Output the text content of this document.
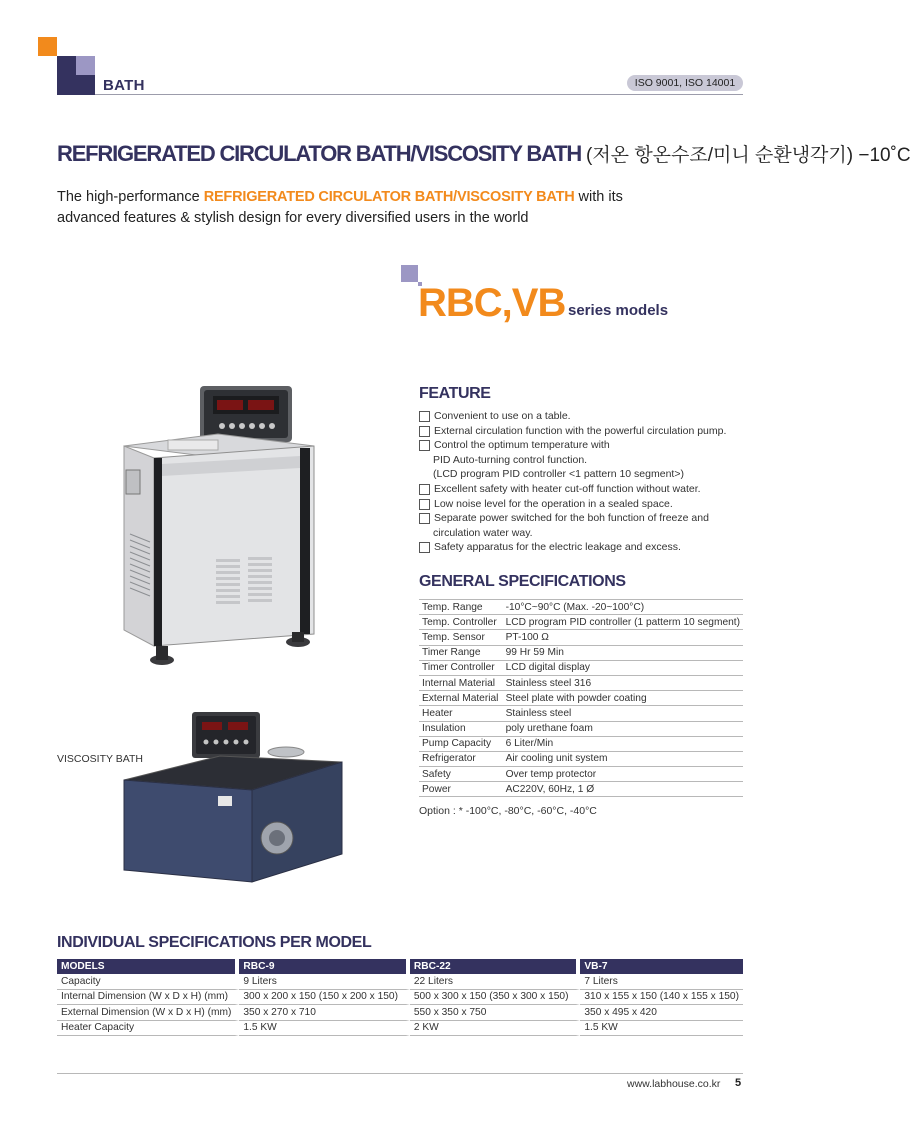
BATH	ISO 9001, ISO 14001
REFRIGERATED CIRCULATOR BATH/VISCOSITY BATH (저온 항온수조/미니 순환냉각기) −10˚C
The high-performance REFRIGERATED CIRCULATOR BATH/VISCOSITY BATH with its
advanced features & stylish design for every diversified users in the world
RBC,VB series models
VISCOSITY BATH
FEATURE
Convenient to use on a table.
External circulation function with the powerful circulation pump.
Control the optimum temperature with
PID Auto-turning control function.
(LCD program PID controller <1 pattern 10 segment>)
Excellent safety with heater cut-off function without water.
Low noise level for the operation in a sealed space.
Separate power switched for the boh function of freeze and
circulation water way.
Safety apparatus for the electric leakage and excess.
GENERAL SPECIFICATIONS
Temp. Range	-10°C~90°C (Max. -20~100°C)
Temp. Controller	LCD program PID controller (1 patterm 10 segment)
Temp. Sensor	PT-100 Ω
Timer Range	99 Hr 59 Min
Timer Controller	LCD digital display
Internal Material	Stainless steel 316
External Material	Steel plate with powder coating
Heater	Stainless steel
Insulation	poly urethane foam
Pump Capacity	6 Liter/Min
Refrigerator	Air cooling unit system
Safety	Over temp protector
Power	AC220V, 60Hz, 1 Ø
Option : * -100°C, -80°C, -60°C, -40°C
INDIVIDUAL SPECIFICATIONS PER MODEL
MODELS	RBC-9	RBC-22	VB-7
Capacity	9 Liters	22 Liters	7 Liters
Internal Dimension (W x D x H) (mm)	300 x 200 x 150 (150 x 200 x 150)	500 x 300 x 150 (350 x 300 x 150)	310 x 155 x 150 (140 x 155 x 150)
External Dimension (W x D x H) (mm)	350 x 270 x 710	550 x 350 x 750	350 x 495 x 420
Heater Capacity	1.5 KW	2 KW	1.5 KW
www.labhouse.co.kr 5
